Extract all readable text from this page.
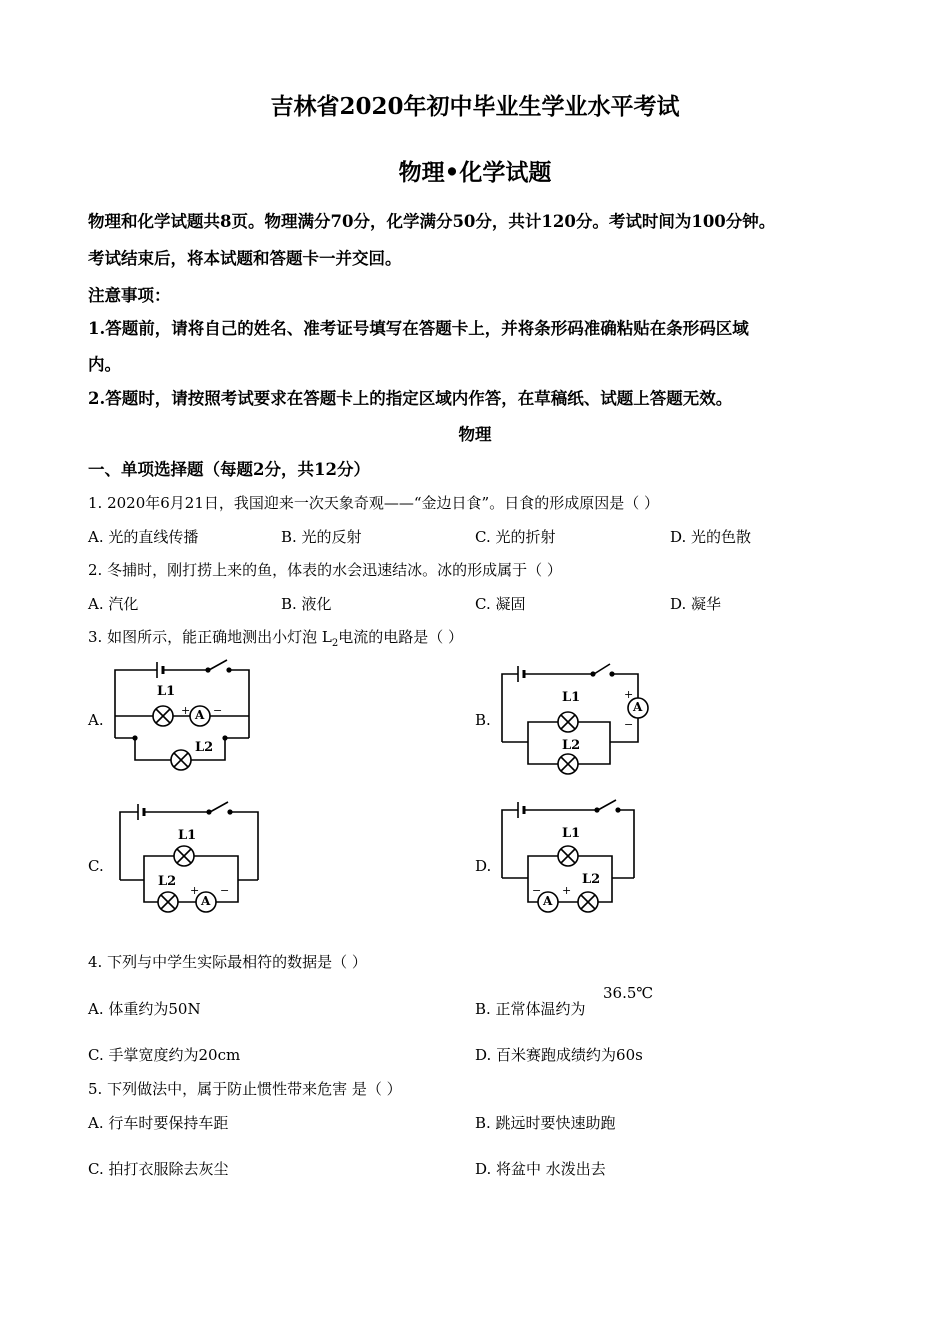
吉林省2020年初中毕业生学业水平考试
物理•化学试题
物理和化学试题共8页。物理满分70分，化学满分50分，共计120分。考试时间为100分钟。
考试结束后，将本试题和答题卡一并交回。
注意事项：
1.答题前，请将自己的姓名、准考证号填写在答题卡上，并将条形码准确粘贴在条形码区域
内。
2.答题时，请按照考试要求在答题卡上的指定区域内作答，在草稿纸、试题上答题无效。
物理
一、单项选择题（每题2分，共12分）
1. 2020年6月21日，我国迎来一次天象奇观——“金边日食”。日食的形成原因是（ ）
A. 光的直线传播	B. 光的反射	C. 光的折射	D. 光的色散
2. 冬捕时，刚打捞上来的鱼，体表的水会迅速结冰。冰的形成属于（ ）
A. 汽化	B. 液化	C. 凝固	D. 凝华
3. 如图所示，能正确地测出小灯泡 $L_2$电流的电路是（ ）
A.	B.
C.	D.
L1
+ A −
L2
L1
L2
+
A
−
L1
L2
+
A
−
L1
L2
−
A
+
4. 下列与中学生实际最相符的数据是（ ）
A. 体重约为50N	B. 正常体温约为
36.5℃
C. 手掌宽度约为20cm	D. 百米赛跑成绩约为60s
5. 下列做法中，属于防止惯性带来危害 是（ ）
A. 行车时要保持车距	B. 跳远时要快速助跑
C. 拍打衣服除去灰尘	D. 将盆中 水泼出去
